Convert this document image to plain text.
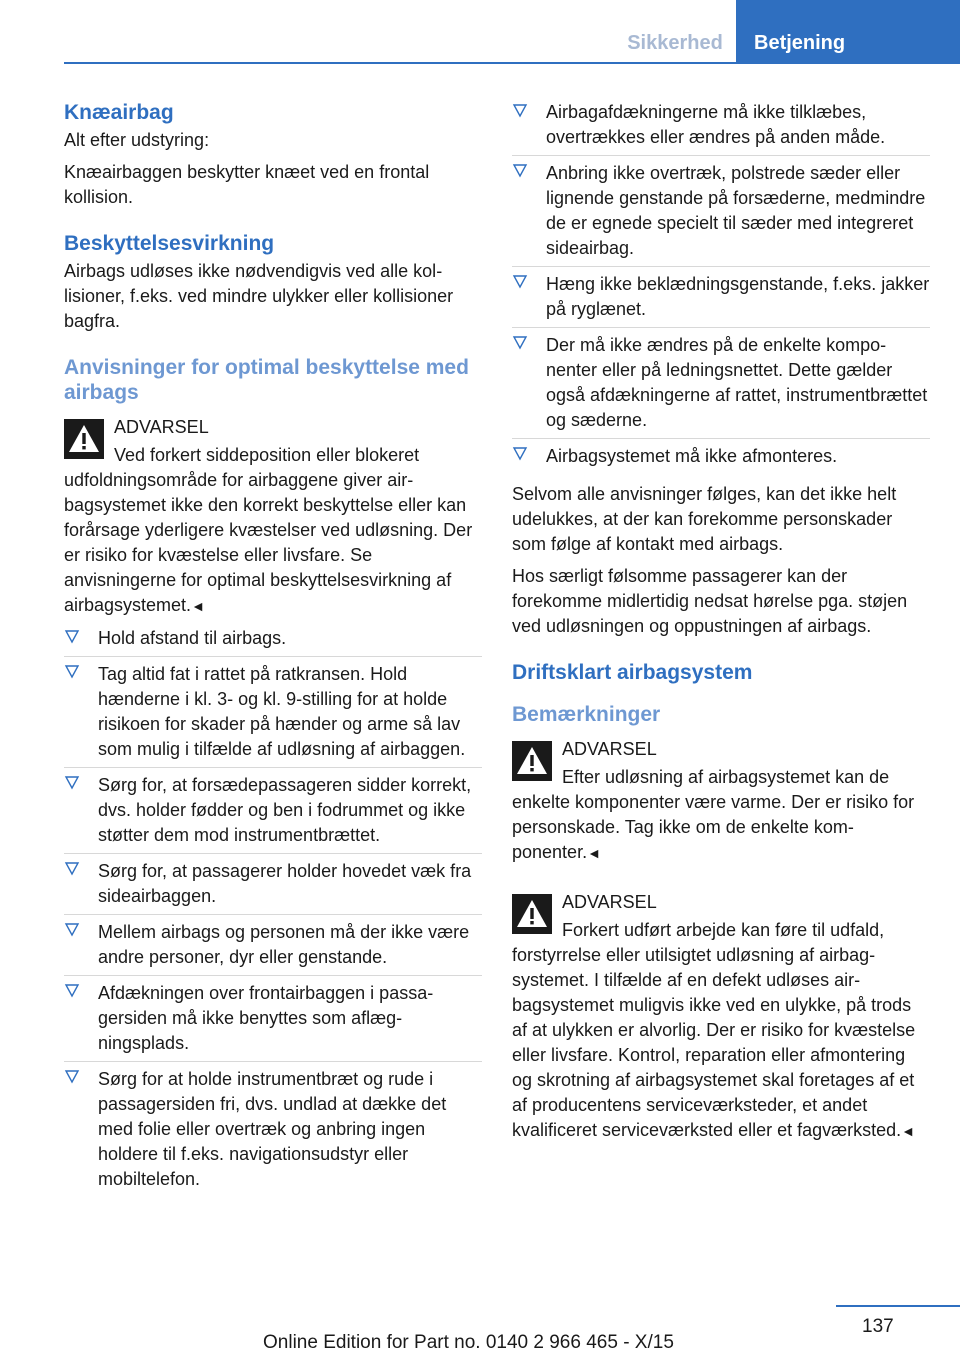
Sikkerhed	Betjening
Knæairbag
Alt efter udstyring:
Knæairbaggen beskytter knæet ved en frontal kollision.
Beskyttelsesvirkning
Airbags udløses ikke nødvendigvis ved alle kollisioner, f.eks. ved mindre ulykker eller kollisioner bagfra.
Anvisninger for optimal beskyttelse med airbags
ADVARSEL

Ved forkert siddeposition eller blokeret udfoldningsområde for airbaggene giver airbagsystemet ikke den korrekt beskyttelse eller kan forårsage yderligere kvæstelser ved udløsning. Der er risiko for kvæstelse eller livsfare. Se anvisningerne for optimal beskyttelsesvirkning af airbagsystemet.◄

Hold afstand til airbags.
Tag altid fat i rattet på ratkransen. Hold hænderne i kl. 3- og kl. 9-stilling for at holde risikoen for skader på hænder og arme så lav som mulig i tilfælde af udløsning af airbaggen.
Sørg for, at forsædepassageren sidder korrekt, dvs. holder fødder og ben i fodrummet og ikke støtter dem mod instrumentbrættet.
Sørg for, at passagerer holder hovedet væk fra sideairbaggen.
Mellem airbags og personen må der ikke være andre personer, dyr eller genstande.
Afdækningen over frontairbaggen i passagersiden må ikke benyttes som aflægningsplads.
Sørg for at holde instrumentbræt og rude i passagersiden fri, dvs. undlad at dække det med folie eller overtræk og anbring ingen holdere til f.eks. navigationsudstyr eller mobiltelefon.
Airbagafdækningerne må ikke tilklæbes, overtrækkes eller ændres på anden måde.
Anbring ikke overtræk, polstrede sæder eller lignende genstande på forsæderne, medmindre de er egnede specielt til sæder med integreret sideairbag.
Hæng ikke beklædningsgenstande, f.eks. jakker på ryglænet.
Der må ikke ændres på de enkelte komponenter eller på ledningsnettet. Dette gælder også afdækningerne af rattet, instrumentbrættet og sæderne.
Airbagsystemet må ikke afmonteres.
Selvom alle anvisninger følges, kan det ikke helt udelukkes, at der kan forekomme personskader som følge af kontakt med airbags.
Hos særligt følsomme passagerer kan der forekomme midlertidig nedsat hørelse pga. støjen ved udløsningen og oppustningen af airbags.
Driftsklart airbagsystem
Bemærkninger
ADVARSEL

Efter udløsning af airbagsystemet kan de enkelte komponenter være varme. Der er risiko for personskade. Tag ikke om de enkelte komponenter.◄

ADVARSEL

Forkert udført arbejde kan føre til udfald, forstyrrelse eller utilsigtet udløsning af airbagsystemet. I tilfælde af en defekt udløses airbagsystemet muligvis ikke ved en ulykke, på trods af at ulykken er alvorlig. Der er risiko for kvæstelse eller livsfare. Kontrol, reparation eller afmontering og skrotning af airbagsystemet skal foretages af et af producentens serviceværksteder, et andet kvalificeret serviceværksted eller et fagværksted.◄

137
Online Edition for Part no. 0140 2 966 465 - X/15
